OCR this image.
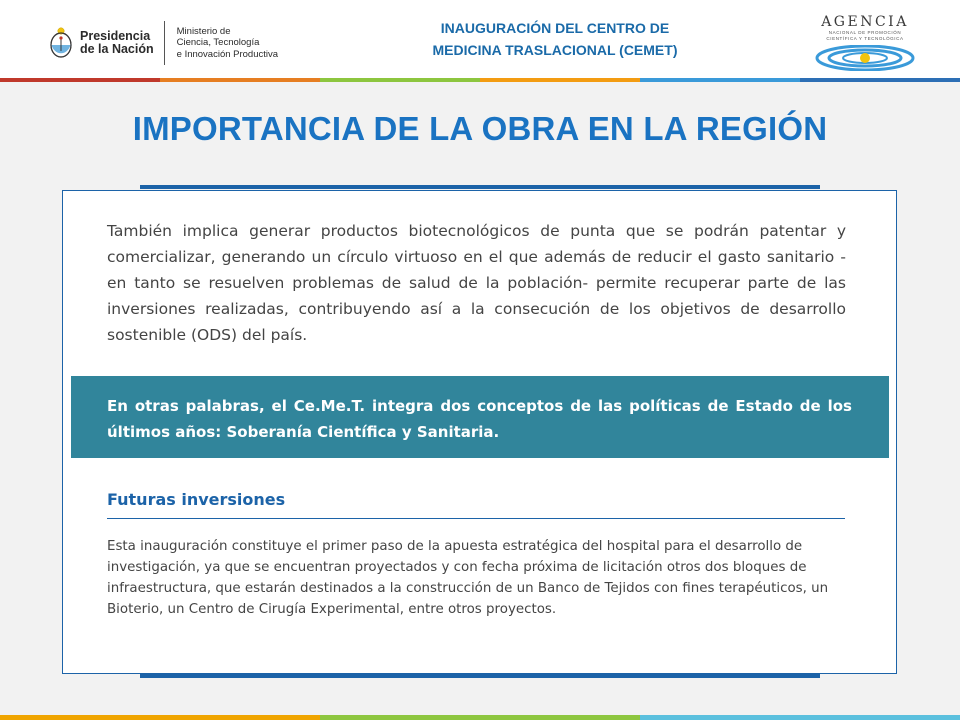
Presidencia
de la Nación
Ministerio de
Ciencia, Tecnología
e Innovación Productiva
INAUGURACIÓN DEL CENTRO DE
MEDICINA TRASLACIONAL (CEMET)
AGENCIA
NACIONAL DE PROMOCIÓN
CIENTÍFICA Y TECNOLÓGICA
IMPORTANCIA DE LA OBRA EN LA REGIÓN

También implica generar productos biotecnológicos de punta que se podrán patentar y comercializar, generando un círculo virtuoso en el que además de reducir el gasto sanitario - en tanto se resuelven problemas de salud de la población- permite recuperar parte de las inversiones realizadas, contribuyendo así a la consecución de los objetivos de desarrollo sostenible (ODS) del país.

En otras palabras, el Ce.Me.T. integra dos conceptos de las políticas de Estado de los últimos años: Soberanía Científica y Sanitaria.

Futuras inversiones

Esta inauguración constituye el primer paso de la apuesta estratégica del hospital para el desarrollo de investigación, ya que se encuentran proyectados y con fecha próxima de licitación otros dos bloques de infraestructura, que estarán destinados a la construcción de un Banco de Tejidos con fines terapéuticos, un Bioterio, un Centro de Cirugía Experimental, entre otros proyectos.
